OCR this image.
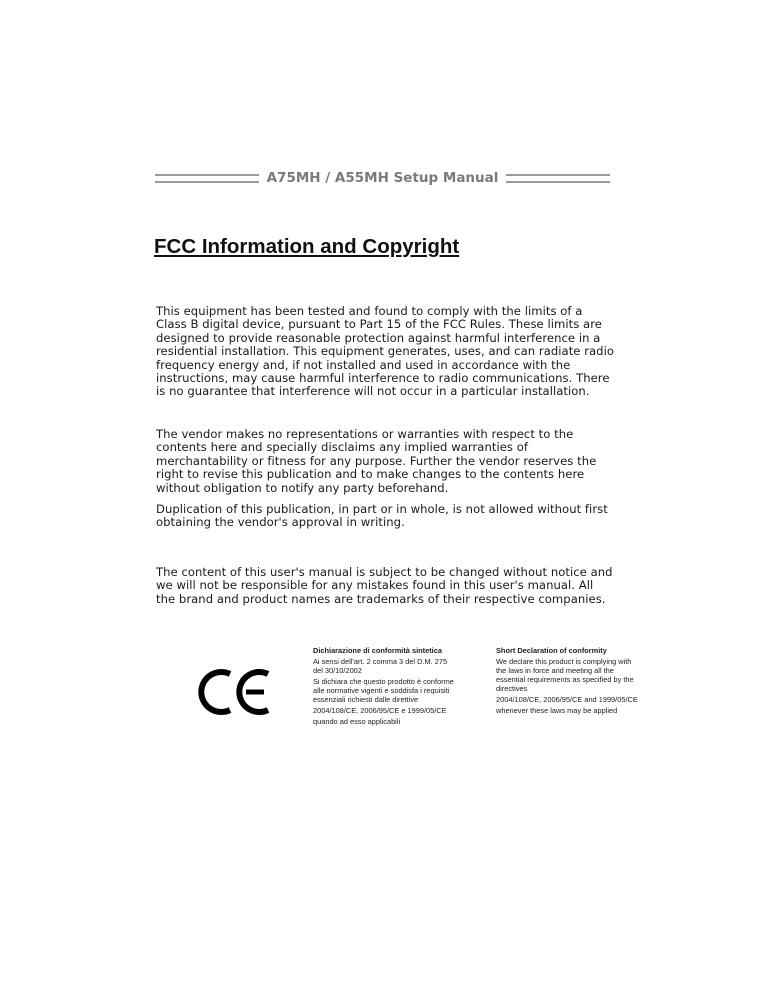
A75MH / A55MH Setup Manual
FCC Information and Copyright

This equipment has been tested and found to comply with the limits of a Class B digital device, pursuant to Part 15 of the FCC Rules. These limits are designed to provide reasonable protection against harmful interference in a residential installation. This equipment generates, uses, and can radiate radio frequency energy and, if not installed and used in accordance with the instructions, may cause harmful interference to radio communications. There is no guarantee that interference will not occur in a particular installation.

The vendor makes no representations or warranties with respect to the contents here and specially disclaims any implied warranties of merchantability or fitness for any purpose. Further the vendor reserves the right to revise this publication and to make changes to the contents here without obligation to notify any party beforehand.

Duplication of this publication, in part or in whole, is not allowed without first obtaining the vendor's approval in writing.

The content of this user's manual is subject to be changed without notice and we will not be responsible for any mistakes found in this user's manual. All the brand and product names are trademarks of their respective companies.

Dichiarazione di conformità sintetica

Ai sensi dell'art. 2 comma 3 del D.M. 275 del 30/10/2002

Si dichiara che questo prodotto è conforme alle normative vigenti e soddisfa i requisiti essenziali richiesti dalle direttive

2004/108/CE, 2006/95/CE e 1999/05/CE

quando ad esso applicabili

Short Declaration of conformity

We declare this product is complying with the laws in force and meeting all the essential requirements as specified by the directives

2004/108/CE, 2006/95/CE and 1999/05/CE

whenever these laws may be applied
